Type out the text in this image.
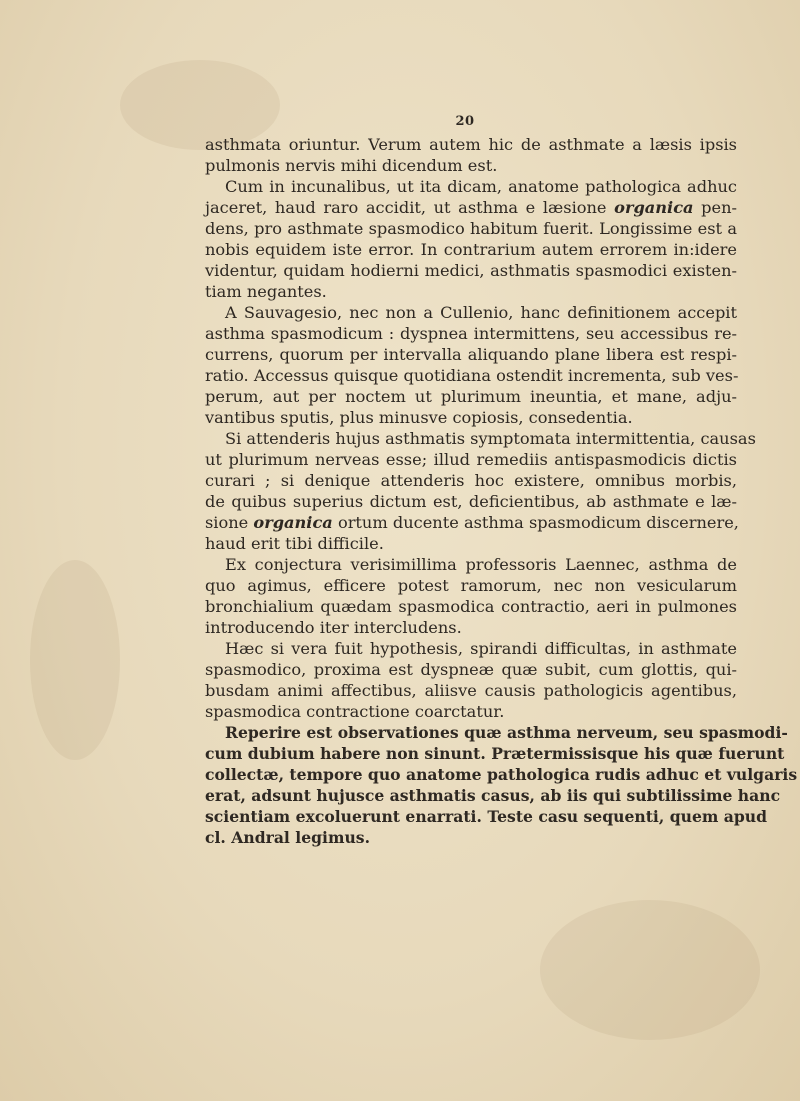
20
asthmata oriuntur. Verum autem hic de asthmate a læsis ipsis
pulmonis nervis mihi dicendum est.
Cum in incunalibus, ut ita dicam, anatome pathologica adhuc
jaceret, haud raro accidit, ut asthma e læsione organica pen-
dens, pro asthmate spasmodico habitum fuerit. Longissime est a
nobis equidem iste error. In contrarium autem errorem in:idere
videntur, quidam hodierni medici, asthmatis spasmodici existen-
tiam negantes.
A Sauvagesio, nec non a Cullenio, hanc definitionem accepit
asthma spasmodicum : dyspnea intermittens, seu accessibus re-
currens, quorum per intervalla aliquando plane libera est respi-
ratio. Accessus quisque quotidiana ostendit incrementa, sub ves-
perum, aut per noctem ut plurimum ineuntia, et mane, adju-
vantibus sputis, plus minusve copiosis, consedentia.
Si attenderis hujus asthmatis symptomata intermittentia, causas
ut plurimum nerveas esse; illud remediis antispasmodicis dictis
curari ; si denique attenderis hoc existere, omnibus morbis,
de quibus superius dictum est, deficientibus, ab asthmate e læ-
sione organica ortum ducente asthma spasmodicum discernere,
haud erit tibi difficile.
Ex conjectura verisimillima professoris Laennec, asthma de
quo agimus, efficere potest ramorum, nec non vesicularum
bronchialium quædam spasmodica contractio, aeri in pulmones
introducendo iter intercludens.
Hæc si vera fuit hypothesis, spirandi difficultas, in asthmate
spasmodico, proxima est dyspneæ quæ subit, cum glottis, qui-
busdam animi affectibus, aliisve causis pathologicis agentibus,
spasmodica contractione coarctatur.
Reperire est observationes quæ asthma nerveum, seu spasmodi-
cum dubium habere non sinunt. Prætermissisque his quæ fuerunt
collectæ, tempore quo anatome pathologica rudis adhuc et vulgaris
erat, adsunt hujusce asthmatis casus, ab iis qui subtilissime hanc
scientiam excoluerunt enarrati. Teste casu sequenti, quem apud
cl. Andral legimus.
